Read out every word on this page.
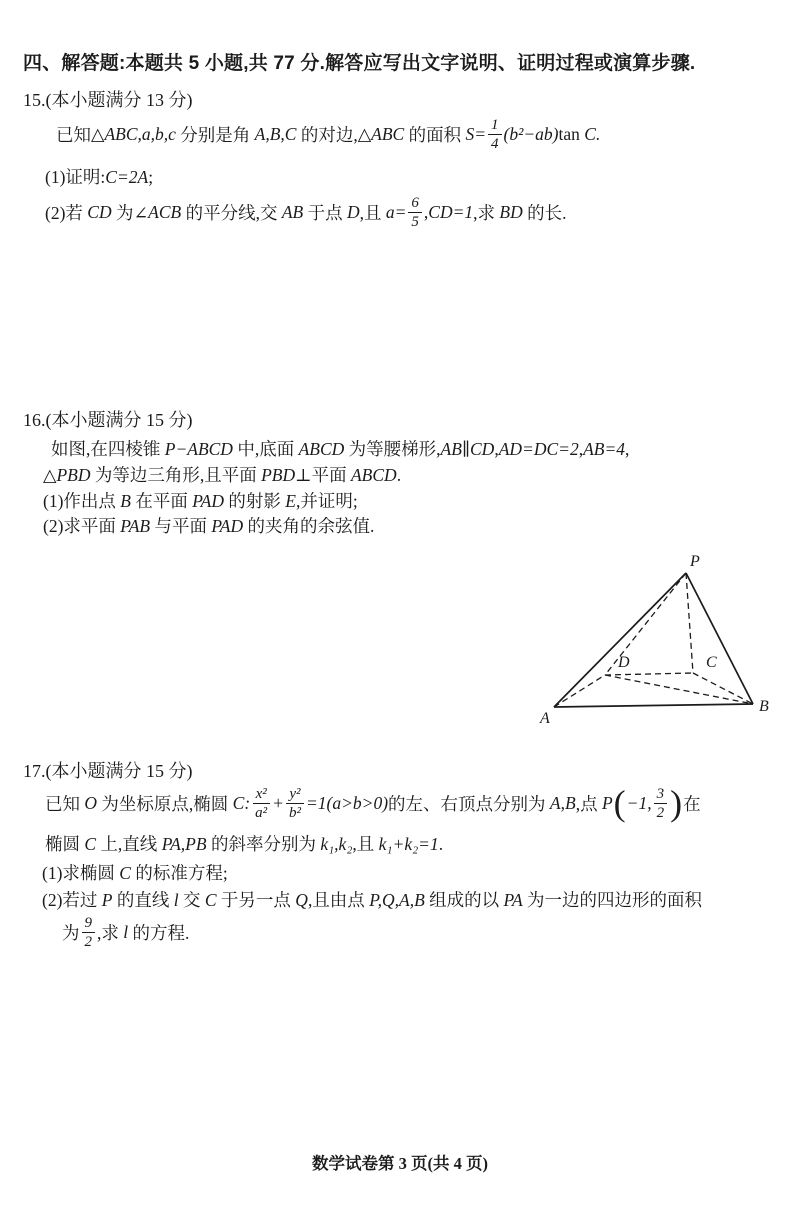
四、解答题:本题共 5 小题,共 77 分.解答应写出文字说明、证明过程或演算步骤.
15.(本小题满分 13 分)
已知 △ABC,a,b,c 分别是角 A,B,C 的对边, △ABC 的面积 $S= \frac{1}{4} (b^2-ab)$ tan C.
(1)证明: C=2A ;
(2)若 CD 为∠ ACB 的平分线,交 AB 于点 D ,且 $a= \frac{6}{5}$ , CD=1 ,求 BD 的长.
16.(本小题满分 15 分)
如图,在四棱锥 P−ABCD 中,底面 ABCD 为等腰梯形, AB∥CD , AD=DC=2 , AB=4 ,
△PBD 为等边三角形,且平面 PBD ⊥平面 ABCD .
(1)作出点 B 在平面 PAD 的射影 E ,并证明;
(2)求平面 PAB 与平面 PAD 的夹角的余弦值.
P
A
B
C
D
17.(本小题满分 15 分)
已知 O 为坐标原点,椭圆 C: $\frac{\text{x²}}{\text{a²}} + \frac{\text{y²}}{\text{b²}} =1(a>b>0)$ 的左、右顶点分别为 A,B ,点 P ( −1, $\frac{3}{2}$ ) 在
椭圆 C 上,直线 PA,PB 的斜率分别为 k₁,k₂ ,且 k₁+k₂=1 .
(1)求椭圆 C 的标准方程;
(2)若过 P 的直线 l 交 C 于另一点 Q ,且由点 P,Q,A,B 组成的以 PA 为一边的四边形的面积
为 $\frac{9}{2}$ ,求 l 的方程.
数学试卷第 3 页(共 4 页)
